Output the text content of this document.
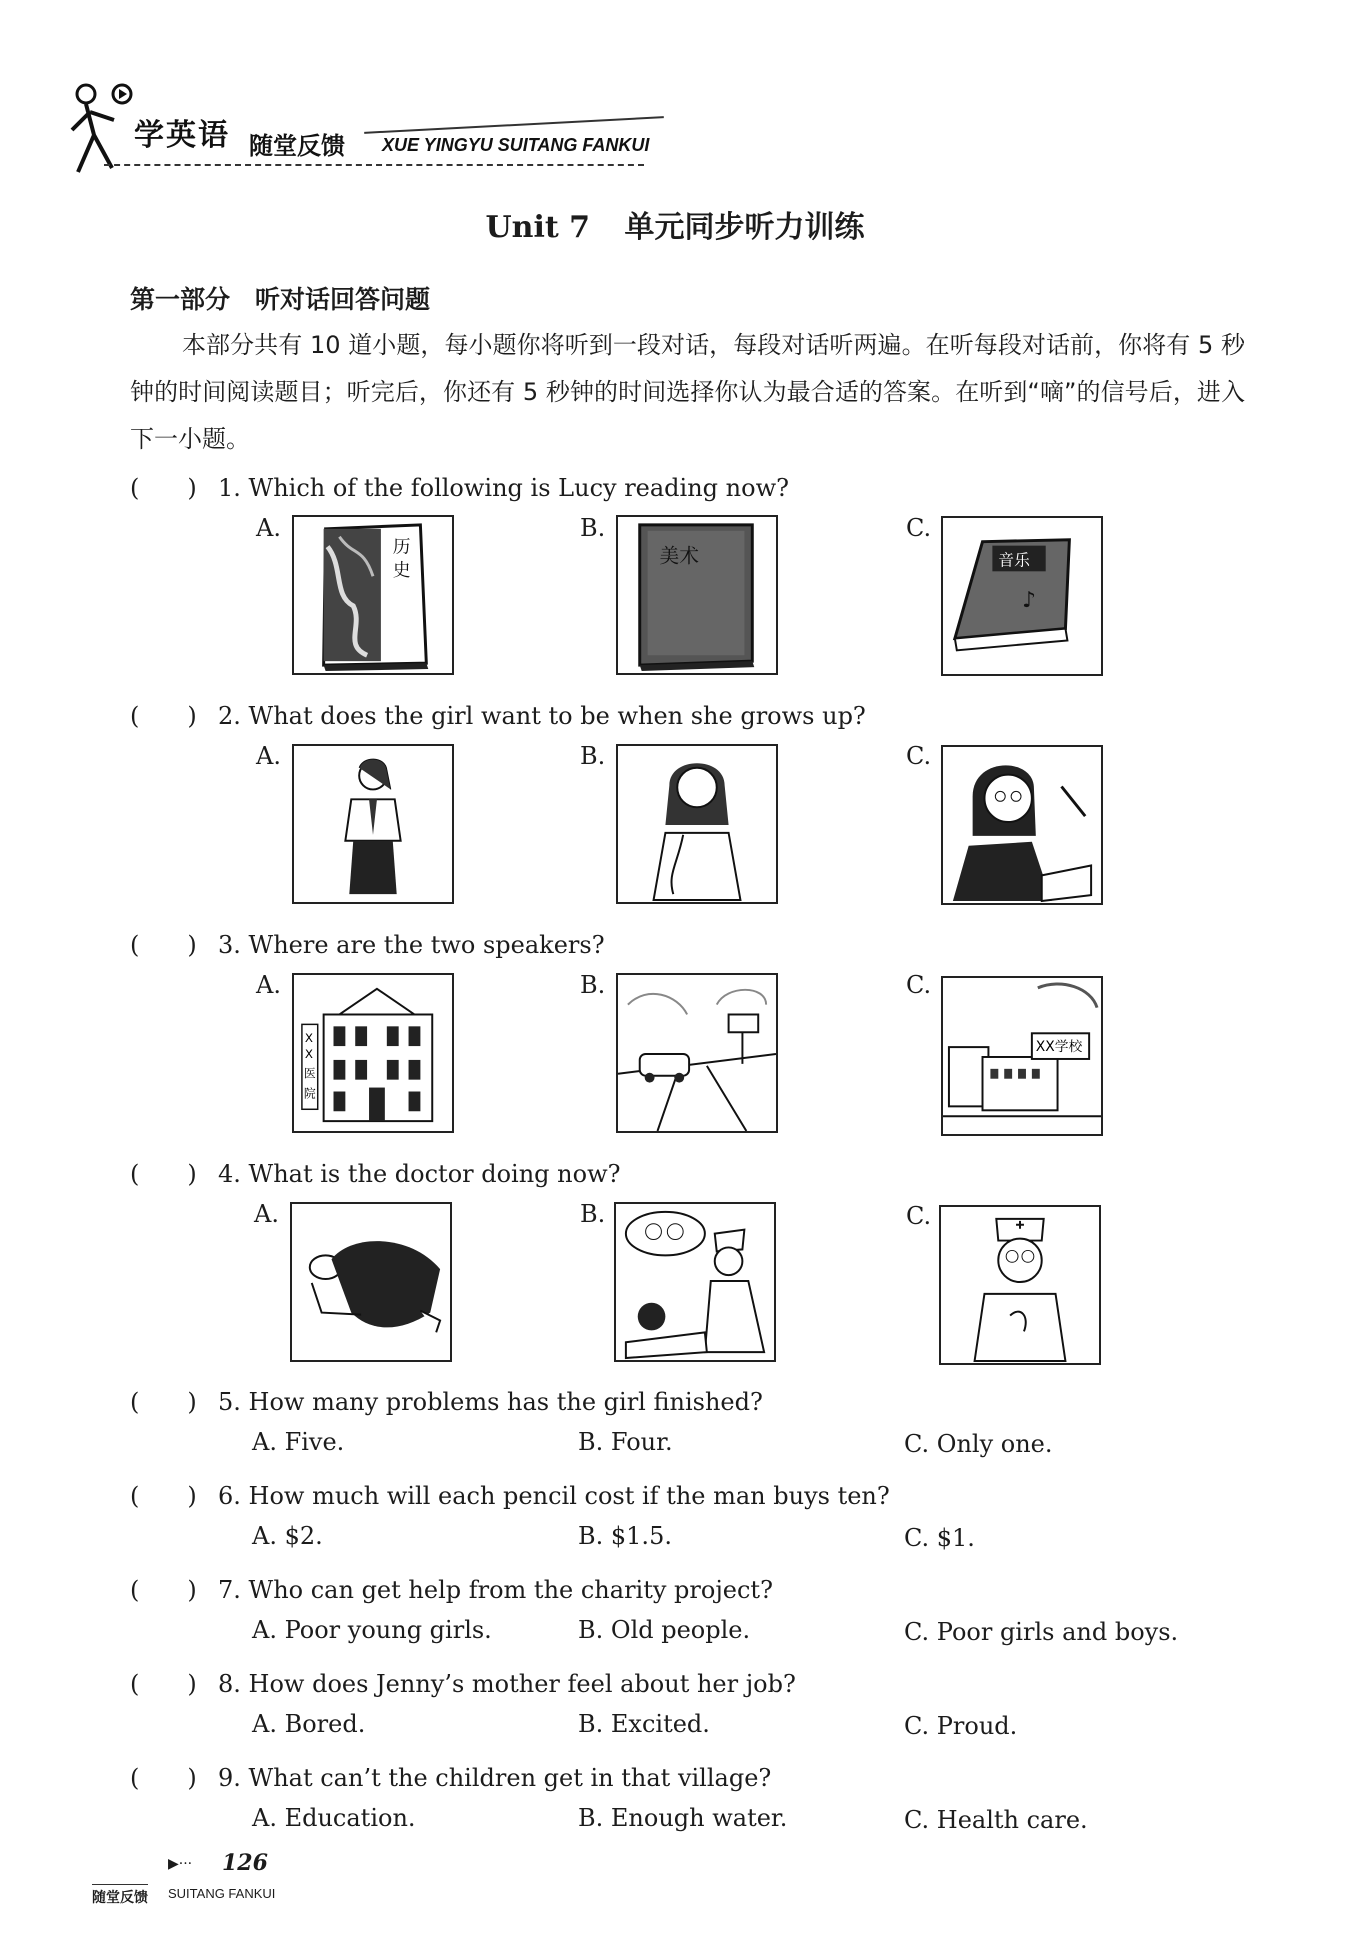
学英语 随堂反馈 XUE YINGYU SUITANG FANKUI
Unit 7 单元同步听力训练
第一部分　听对话回答问题
本部分共有 10 道小题，每小题你将听到一段对话，每段对话听两遍。在听每段对话前，你将有 5 秒钟的时间阅读题目；听完后，你还有 5 秒钟的时间选择你认为最合适的答案。在听到“嘀”的信号后，进入下一小题。
(　　) 1. Which of the following is Lucy reading now?
A.	B.	C.
历
史
美术	音乐
♪
(　　) 2. What does the girl want to be when she grows up?
A.	B.	C.
(　　) 3. Where are the two speakers?
A.	B.	C.
X
X
医
院
XX学校
(　　) 4. What is the doctor doing now?
A.	B.	C.
(　　) 5. How many problems has the girl finished?
A. Five.	B. Four.	C. Only one.
(　　) 6. How much will each pencil cost if the man buys ten?
A. $2.	B. $1.5.	C. $1.
(　　) 7. Who can get help from the charity project?
A. Poor young girls.	B. Old people.	C. Poor girls and boys.
(　　) 8. How does Jenny’s mother feel about her job?
A. Bored.	B. Excited.	C. Proud.
(　　) 9. What can’t the children get in that village?
A. Education.	B. Enough water.	C. Health care.
▶··· 126
随堂反馈 SUITANG FANKUI
